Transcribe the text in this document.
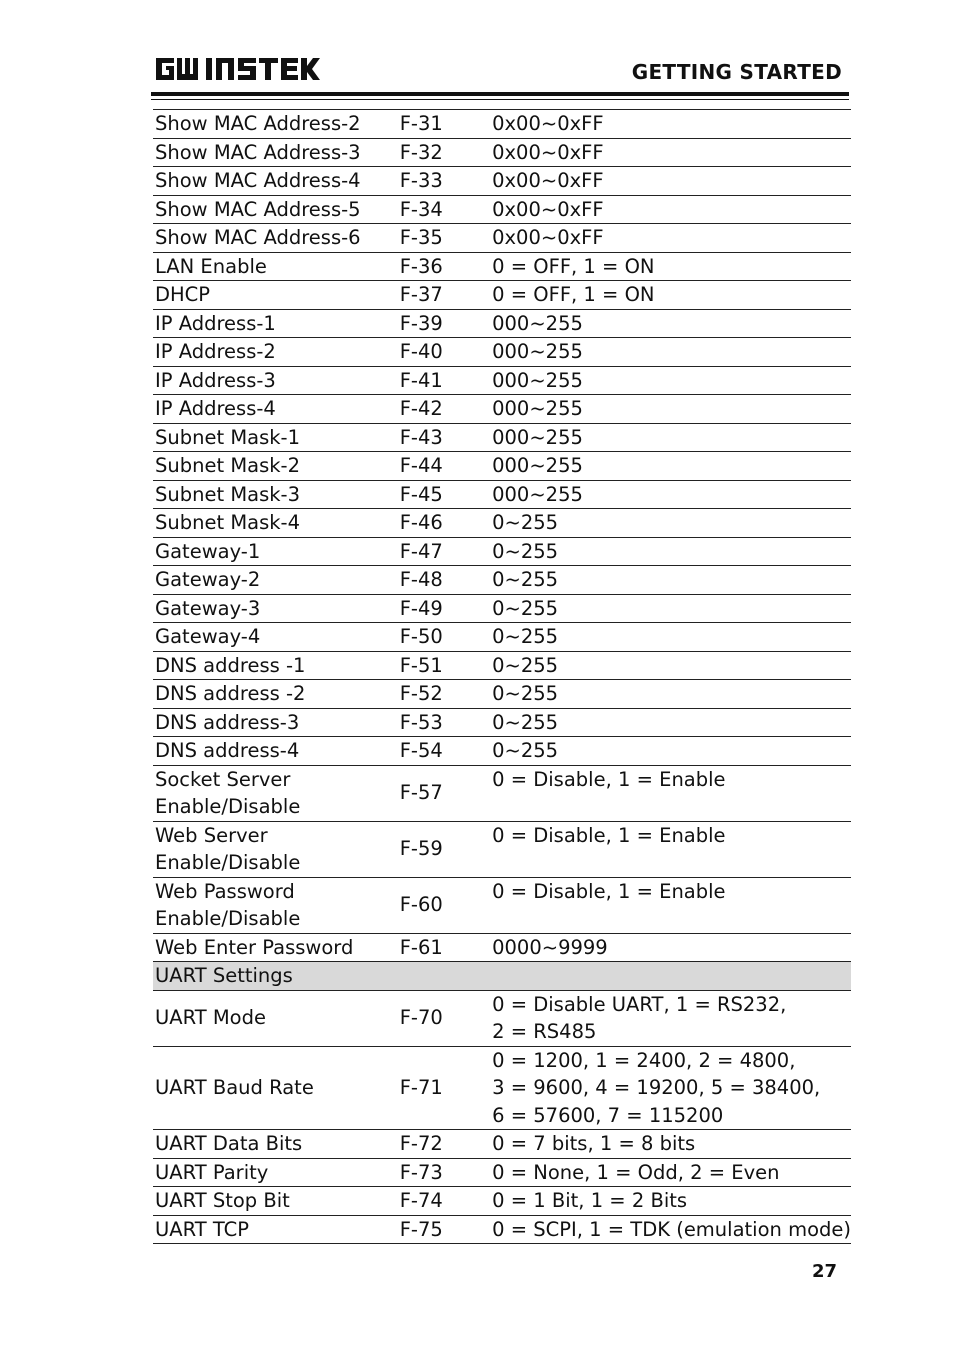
GETTING STARTED
Show MAC Address-2	F-31	0x00~0xFF
Show MAC Address-3	F-32	0x00~0xFF
Show MAC Address-4	F-33	0x00~0xFF
Show MAC Address-5	F-34	0x00~0xFF
Show MAC Address-6	F-35	0x00~0xFF
LAN Enable	F-36	0 = OFF, 1 = ON
DHCP	F-37	0 = OFF, 1 = ON
IP Address-1	F-39	000~255
IP Address-2	F-40	000~255
IP Address-3	F-41	000~255
IP Address-4	F-42	000~255
Subnet Mask-1	F-43	000~255
Subnet Mask-2	F-44	000~255
Subnet Mask-3	F-45	000~255
Subnet Mask-4	F-46	0~255
Gateway-1	F-47	0~255
Gateway-2	F-48	0~255
Gateway-3	F-49	0~255
Gateway-4	F-50	0~255
DNS address -1	F-51	0~255
DNS address -2	F-52	0~255
DNS address-3	F-53	0~255
DNS address-4	F-54	0~255

Socket Server
Enable/Disable	F-57	0 = Disable, 1 = Enable

Web Server
Enable/Disable	F-59	0 = Disable, 1 = Enable

Web Password
Enable/Disable	F-60	0 = Disable, 1 = Enable
Web Enter Password	F-61	0000~9999
UART Settings		
UART Mode	F-70	0 = Disable UART, 1 = RS232,
2 = RS485

UART Baud Rate	F-71	0 = 1200, 1 = 2400, 2 = 4800,
3 = 9600, 4 = 19200, 5 = 38400,
6 = 57600, 7 = 115200

UART Data Bits	F-72	0 = 7 bits, 1 = 8 bits
UART Parity	F-73	0 = None, 1 = Odd, 2 = Even
UART Stop Bit	F-74	0 = 1 Bit, 1 = 2 Bits
UART TCP	F-75	0 = SCPI, 1 = TDK (emulation mode)
27
